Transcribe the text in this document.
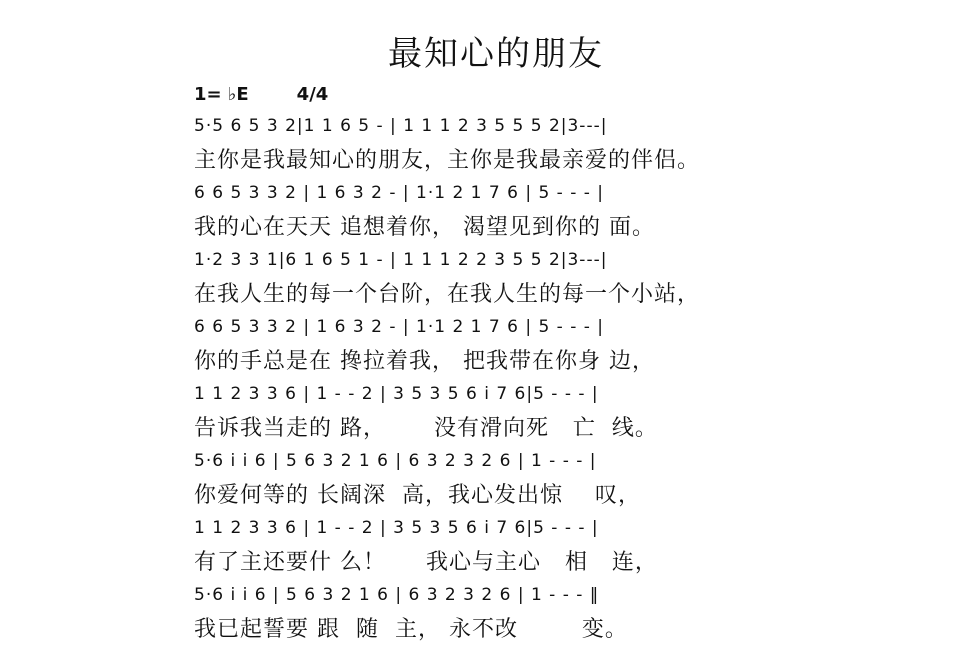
最知心的朋友
1= ♭E	4/4
5·5 6 5 3 2|1 1 6 5 - | 1 1 1 2 3 5 5 5 2|3---|
主你是我最知心的朋友，主你是我最亲爱的伴侣。
6 6 5 3 3 2 | 1 6 3 2 - | 1·1 2 1 7 6 | 5 - - - |
我的心在天天 追想着你， 渴望见到你的 面。
1·2 3 3 1|6 1 6 5 1 - | 1 1 1 2 2 3 5 5 2|3---|
在我人生的每一个台阶，在我人生的每一个小站，
6 6 5 3 3 2 | 1 6 3 2 - | 1·1 2 1 7 6 | 5 - - - |
你的手总是在 搀拉着我， 把我带在你身 边，
1 1 2 3 3 6 | 1 - - 2 | 3 5 3 5 6 i 7 6|5 - - - |
告诉我当走的 路，      没有滑向死   亡  线。
5·6 i i 6 | 5 6 3 2 1 6 | 6 3 2 3 2 6 | 1 - - - |
你爱何等的 长阔深  高，我心发出惊    叹，
1 1 2 3 3 6 | 1 - - 2 | 3 5 3 5 6 i 7 6|5 - - - |
有了主还要什 么！     我心与主心   相   连，
5·6 i i 6 | 5 6 3 2 1 6 | 6 3 2 3 2 6 | 1 - - - ‖
我已起誓要 跟  随  主， 永不改        变。
